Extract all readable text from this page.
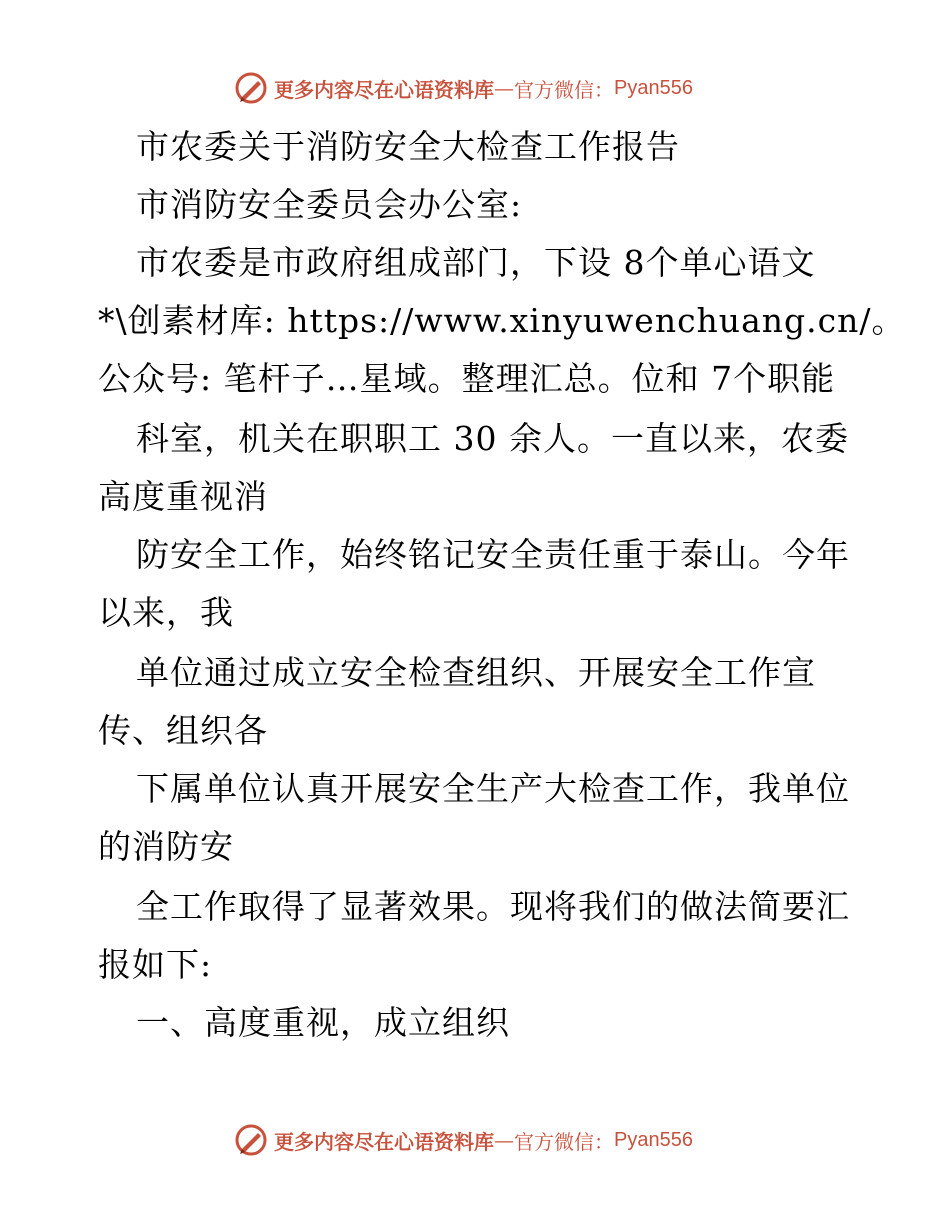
更多内容尽在心语资料库 — 官方微信： Pyan556
市农委关于消防安全大检查工作报告
市消防安全委员会办公室:
市农委是市政府组成部门，下设 8个单心语文
*\创素材库: https://www.xinyuwenchuang.cn/。
公众号: 笔杆子…星域。整理汇总。位和 7个职能
科室，机关在职职工 30 余人。一直以来，农委
高度重视消
防安全工作，始终铭记安全责任重于泰山。今年
以来，我
单位通过成立安全检查组织、开展安全工作宣
传、组织各
下属单位认真开展安全生产大检查工作，我单位
的消防安
全工作取得了显著效果。现将我们的做法简要汇
报如下:
一、高度重视，成立组织
更多内容尽在心语资料库 — 官方微信： Pyan556
